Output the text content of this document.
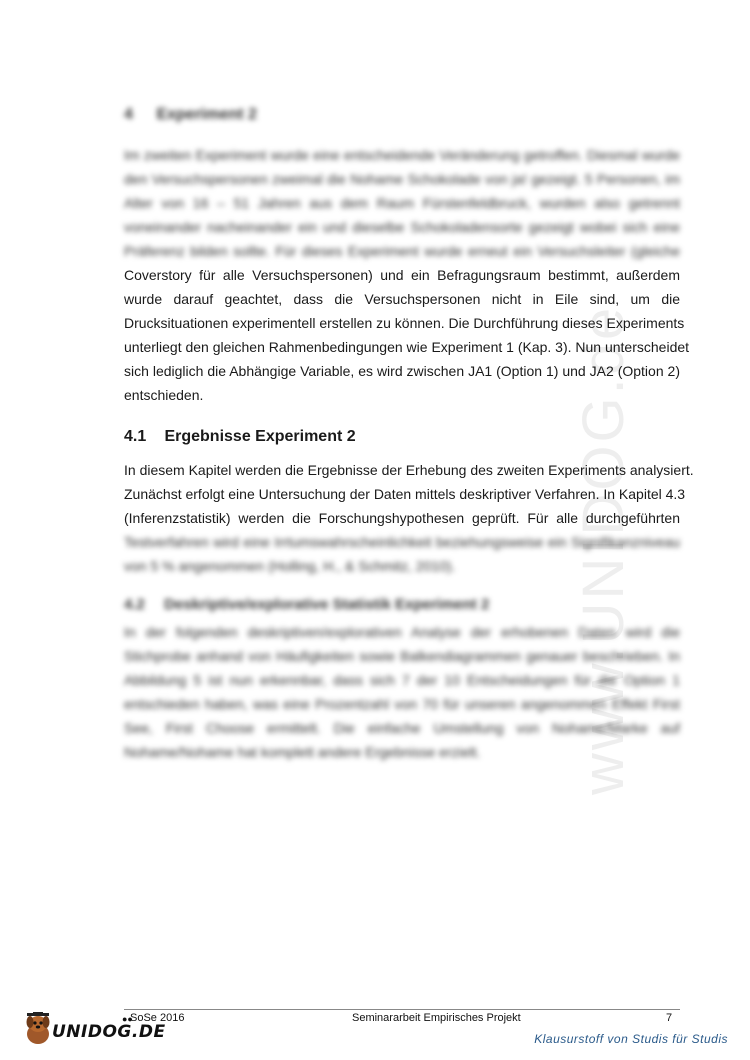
www.UNIDOG.de
4 Experiment 2
Im zweiten Experiment wurde eine entscheidende Veränderung getroffen. Diesmal wurde
den Versuchspersonen zweimal die Nohame Schokolade von ja! gezeigt. 5 Personen, im
Alter von 16 – 51 Jahren aus dem Raum Fürstenfeldbruck, wurden also getrennt
voneinander nacheinander ein und dieselbe Schokoladensorte gezeigt wobei sich eine
Präferenz bilden sollte. Für dieses Experiment wurde erneut ein Versuchsleiter (gleiche
Coverstory für alle Versuchspersonen) und ein Befragungsraum bestimmt, außerdem
wurde darauf geachtet, dass die Versuchspersonen nicht in Eile sind, um die
Drucksituationen experimentell erstellen zu können. Die Durchführung dieses Experiments
unterliegt den gleichen Rahmenbedingungen wie Experiment 1 (Kap. 3). Nun unterscheidet
sich lediglich die Abhängige Variable, es wird zwischen JA1 (Option 1) und JA2 (Option 2)
entschieden.
4.1 Ergebnisse Experiment 2
In diesem Kapitel werden die Ergebnisse der Erhebung des zweiten Experiments analysiert.
Zunächst erfolgt eine Untersuchung der Daten mittels deskriptiver Verfahren. In Kapitel 4.3
(Inferenzstatistik) werden die Forschungshypothesen geprüft. Für alle durchgeführten
Testverfahren wird eine Irrtumswahrscheinlichkeit beziehungsweise ein Signifikanzniveau
von 5 % angenommen (Holling, H., & Schmitz, 2010).
4.2 Deskriptive/explorative Statistik Experiment 2
In der folgenden deskriptiven/explorativen Analyse der erhobenen Daten wird die
Stichprobe anhand von Häufigkeiten sowie Balkendiagrammen genauer beschrieben. In
Abbildung 5 ist nun erkennbar, dass sich 7 der 10 Entscheidungen für die Option 1
entschieden haben, was eine Prozentzahl von 70 für unseren angenommen Effekt First
See, First Choose ermittelt. Die einfache Umstellung von Nohame/Marke auf
Nohame/Nohame hat komplett andere Ergebnisse erzielt.
SoSe 2016	Seminararbeit Empirisches Projekt	7
UNIDOG.DE
●●
Klausurstoff von Studis für Studis
